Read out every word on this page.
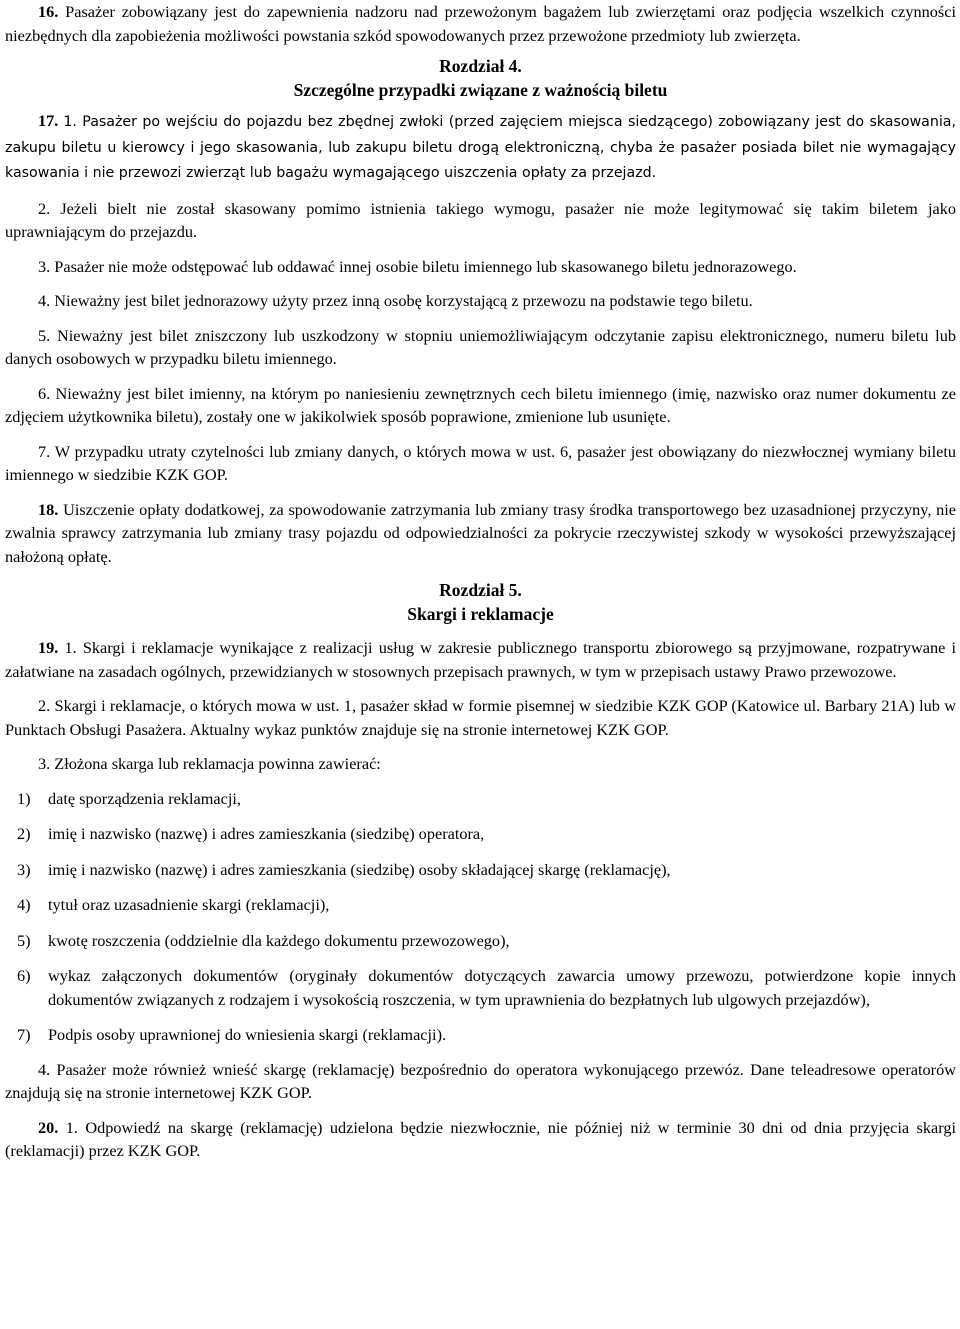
16. Pasażer zobowiązany jest do zapewnienia nadzoru nad przewożonym bagażem lub zwierzętami oraz podjęcia wszelkich czynności niezbędnych dla zapobieżenia możliwości powstania szkód spowodowanych przez przewożone przedmioty lub zwierzęta.

Rozdział 4.
Szczególne przypadki związane z ważnością biletu

17. 1. Pasażer po wejściu do pojazdu bez zbędnej zwłoki (przed zajęciem miejsca siedzącego) zobowiązany jest do skasowania, zakupu biletu u kierowcy i jego skasowania, lub zakupu biletu drogą elektroniczną, chyba że pasażer posiada bilet nie wymagający kasowania i nie przewozi zwierząt lub bagażu wymagającego uiszczenia opłaty za przejazd.

2. Jeżeli bielt nie został skasowany pomimo istnienia takiego wymogu, pasażer nie może legitymować się takim biletem jako uprawniającym do przejazdu.

3. Pasażer nie może odstępować lub oddawać innej osobie biletu imiennego lub skasowanego biletu jednorazowego.

4. Nieważny jest bilet jednorazowy użyty przez inną osobę korzystającą z przewozu na podstawie tego biletu.

5. Nieważny jest bilet zniszczony lub uszkodzony w stopniu uniemożliwiającym odczytanie zapisu elektronicznego, numeru biletu lub danych osobowych w przypadku biletu imiennego.

6. Nieważny jest bilet imienny, na którym po naniesieniu zewnętrznych cech biletu imiennego (imię, nazwisko oraz numer dokumentu ze zdjęciem użytkownika biletu), zostały one w jakikolwiek sposób poprawione, zmienione lub usunięte.

7. W przypadku utraty czytelności lub zmiany danych, o których mowa w ust. 6, pasażer jest obowiązany do niezwłocznej wymiany biletu imiennego w siedzibie KZK GOP.

18. Uiszczenie opłaty dodatkowej, za spowodowanie zatrzymania lub zmiany trasy środka transportowego bez uzasadnionej przyczyny, nie zwalnia sprawcy zatrzymania lub zmiany trasy pojazdu od odpowiedzialności za pokrycie rzeczywistej szkody w wysokości przewyższającej nałożoną opłatę.

Rozdział 5.
Skargi i reklamacje

19. 1. Skargi i reklamacje wynikające z realizacji usług w zakresie publicznego transportu zbiorowego są przyjmowane, rozpatrywane i załatwiane na zasadach ogólnych, przewidzianych w stosownych przepisach prawnych, w tym w przepisach ustawy Prawo przewozowe.

2. Skargi i reklamacje, o których mowa w ust. 1, pasażer skład w formie pisemnej w siedzibie KZK GOP (Katowice ul. Barbary 21A) lub w Punktach Obsługi Pasażera. Aktualny wykaz punktów znajduje się na stronie internetowej KZK GOP.

3. Złożona skarga lub reklamacja powinna zawierać:

1)	datę sporządzenia reklamacji,
2)	imię i nazwisko (nazwę) i adres zamieszkania (siedzibę) operatora,
3)	imię i nazwisko (nazwę) i adres zamieszkania (siedzibę) osoby składającej skargę (reklamację),
4)	tytuł oraz uzasadnienie skargi (reklamacji),
5)	kwotę roszczenia (oddzielnie dla każdego dokumentu przewozowego),
6)	wykaz załączonych dokumentów (oryginały dokumentów dotyczących zawarcia umowy przewozu, potwierdzone kopie innych dokumentów związanych z rodzajem i wysokością roszczenia, w tym uprawnienia do bezpłatnych lub ulgowych przejazdów),
7)	Podpis osoby uprawnionej do wniesienia skargi (reklamacji).

4. Pasażer może również wnieść skargę (reklamację) bezpośrednio do operatora wykonującego przewóz. Dane teleadresowe operatorów znajdują się na stronie internetowej KZK GOP.

20. 1. Odpowiedź na skargę (reklamację) udzielona będzie niezwłocznie, nie później niż w terminie 30 dni od dnia przyjęcia skargi (reklamacji) przez KZK GOP.
